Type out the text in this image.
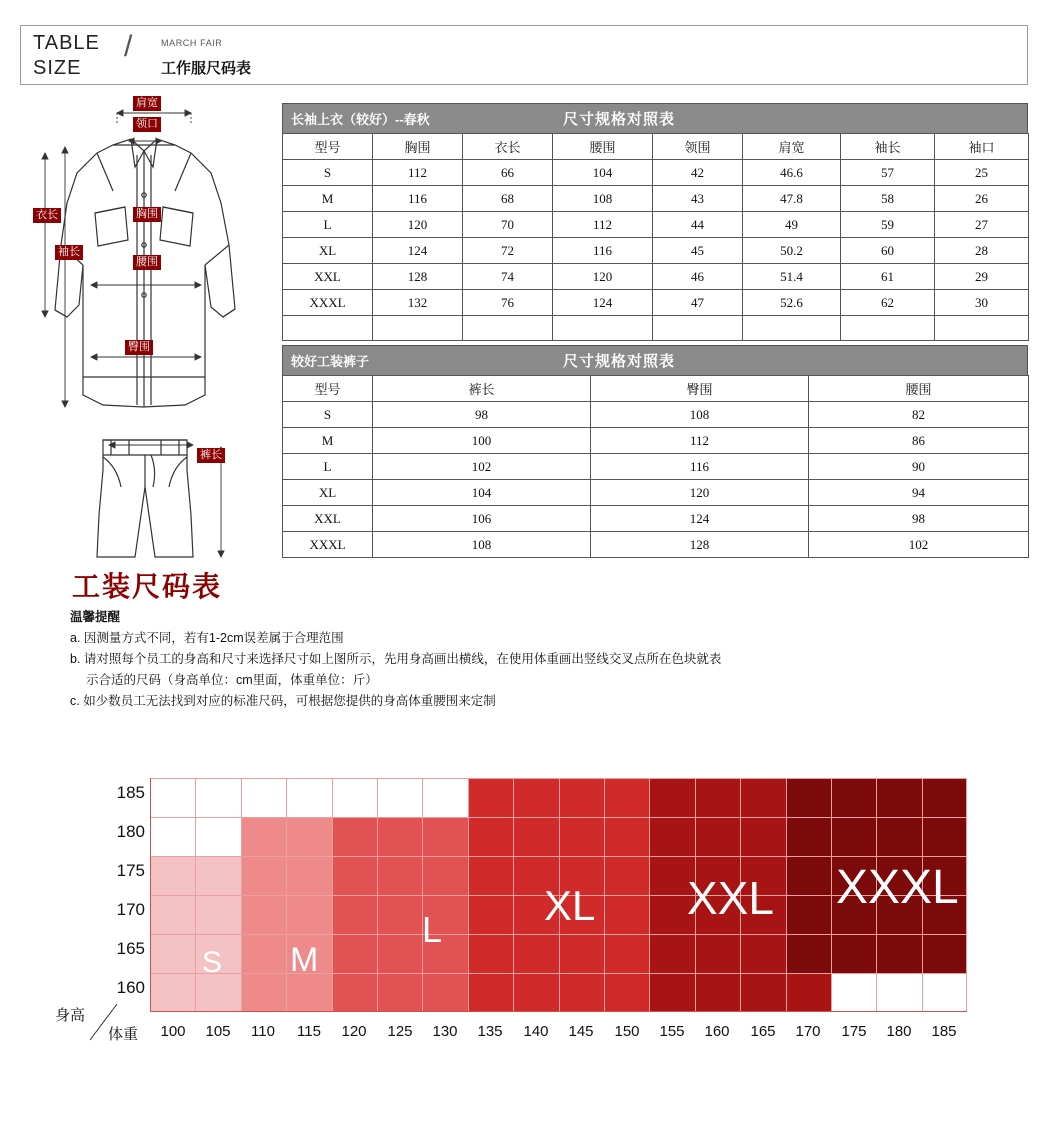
TABLE
SIZE
/	MARCH FAIR
工作服尺码表
肩宽
领口
胸围
衣长
袖长
腰围
臀围
裤长
长袖上衣（较好）--春秋	尺寸规格对照表
型号	胸围	衣长	腰围	领围	肩宽	袖长	袖口
S	112	66	104	42	46.6	57	25
M	116	68	108	43	47.8	58	26
L	120	70	112	44	49	59	27
XL	124	72	116	45	50.2	60	28
XXL	128	74	120	46	51.4	61	29
XXXL	132	76	124	47	52.6	62	30

较好工装裤子	尺寸规格对照表
型号	裤长	臀围	腰围
S	98	108	82
M	100	112	86
L	102	116	90
XL	104	120	94
XXL	106	124	98
XXXL	108	128	102
工装尺码表

温馨提醒

a. 因测量方式不同，若有1-2cm误差属于合理范围

b. 请对照每个员工的身高和尺寸来选择尺寸如上图所示，先用身高画出横线，在使用体重画出竖线交叉点所在色块就表

示合适的尺码（身高单位：cm里面，体重单位：斤）

c. 如少数员工无法找到对应的标准尺码，可根据您提供的身高体重腰围来定制

185
180
175
170
165
160
身高
体重
S M
L
XL XXL XXXL
100	105	110	115	120	125	130	135	140	145	150	155	160	165	170	175	180	185
